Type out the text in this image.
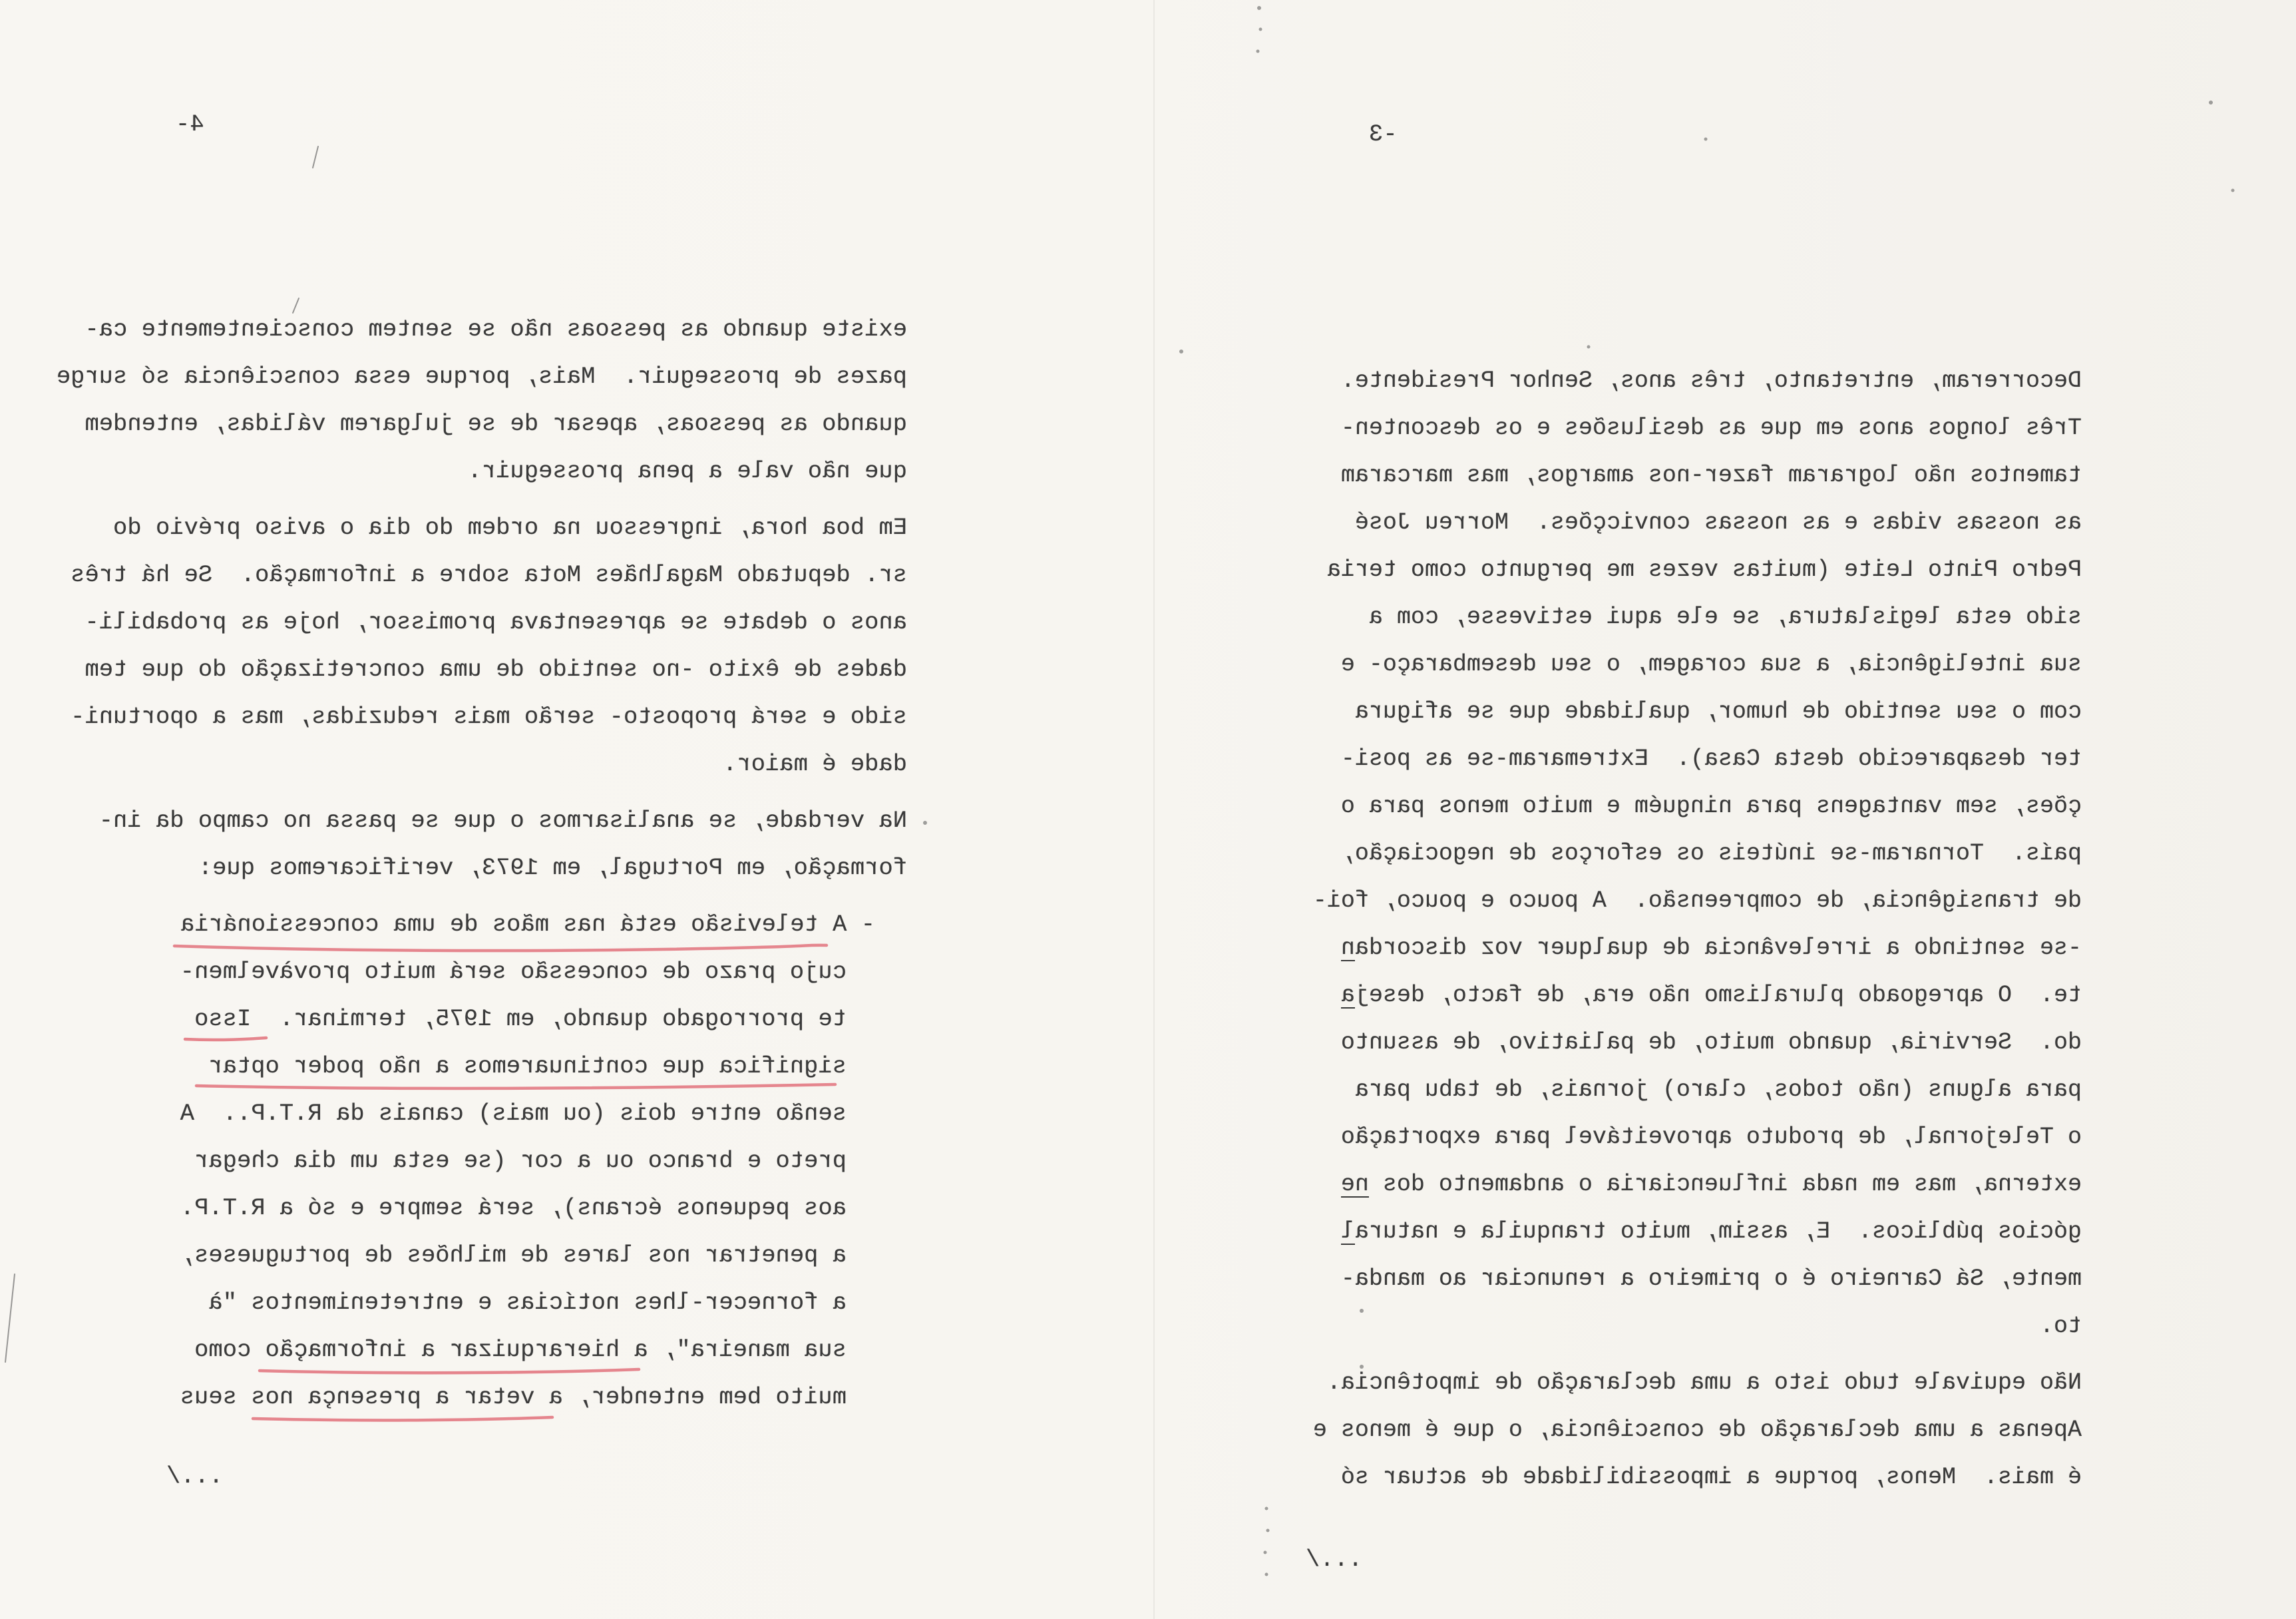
4-	-3
existe quando as pessoas não se sentem conscientemente ca-
pazes de prosseguir.  Mais, porque essa consciência só surge
quando as pessoas, apesar de se julgarem válidas, entendem
que não vale a pena prosseguir.
Em boa hora, ingressou na ordem do dia o aviso prévio do
sr. deputado Magalhães Mota sobre a informação.  Se há três
anos o debate se apresentava promissor, hoje as probabili-
dades de êxito -no sentido de uma concretização do que tem
sido e será proposto- serão mais reduzidas, mas a oportuni-
dade é maior.
Na verdade, se analisarmos o que se passa no campo da in-
formação, em Portugal, em 1973, verificaremos que:
- A televisão está nas mãos de uma concessionária
cujo prazo de concessão será muito provàvelmen-
te prorrogado quando, em 1975, terminar.  Isso
significa que continuaremos a não poder optar
senão entre dois (ou mais) canais da R.T.P..  A
preto e branco ou a cor (se esta um dia chegar
aos pequenos écrans), será sempre e só a R.T.P.
a penetrar nos lares de milhões de portugueses,
a fornecer-lhes notícias e entretenimentos "à
sua maneira", a hierarquizar a informação como
muito bem entender, a vetar a presença nos seus
Decorreram, entretanto, três anos, Senhor Presidente.
Três longos anos em que as desilusões e os desconten-
tamentos não lograram fazer-nos amargos, mas marcaram
as nossas vidas e as nossas convicções.  Morreu José
Pedro Pinto Leite (muitas vezes me pergunto como teria
sido esta legislatura, se ele aqui estivesse, com a
sua inteligência, a sua coragem, o seu desembaraço- e
com o seu sentido de humor, qualidade que se afigura
ter desaparecido desta Casa).  Extremaram-se as posi-
ções, sem vantagens para ninguém e muito menos para o
país.  Tornaram-se inúteis os esforços de negociação,
de transigência, de compreensão.  A pouco e pouco, foi-
-se sentindo a irrelevância de qualquer voz discordan
te.  O apregoado pluralismo não era, de facto, deseja
do.  Serviria, quando muito, de paliativo, de assunto
para alguns (não todos, claro) jornais, de tabu para
o Telejornal, de produto aproveitável para exportação
externa, mas em nada influenciaria o andamento dos ne
gócios públicos.  E, assim, muito tranquila e natural
mente, Sá Carneiro é o primeiro a renunciar ao manda-
to.
Não equivale tudo isto a uma declaração de impotência.
Apenas a uma declaração de consciência, o que é menos e
é mais.  Menos, porque a impossibilidade de actuar só
.../
.../
